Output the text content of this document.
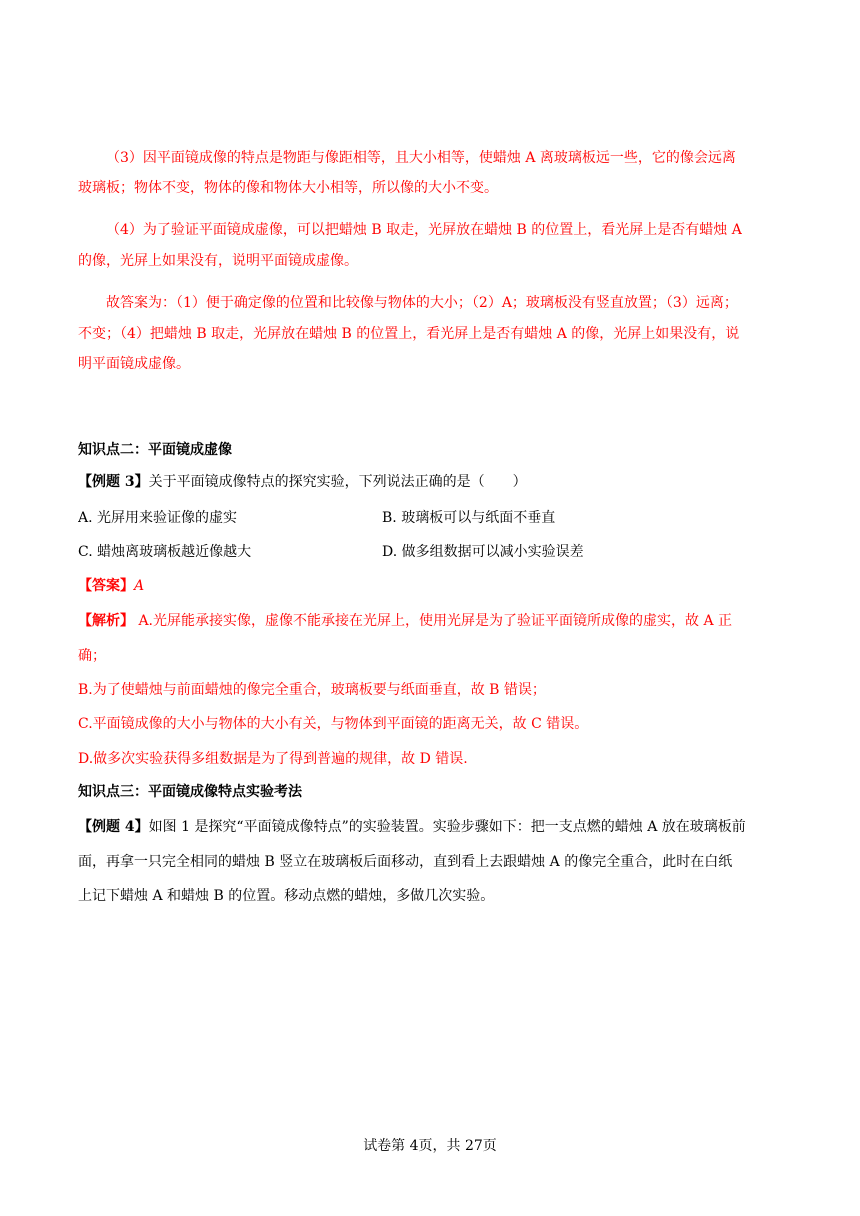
（3）因平面镜成像的特点是物距与像距相等，且大小相等，使蜡烛 A 离玻璃板远一些，它的像会远离
玻璃板；物体不变，物体的像和物体大小相等，所以像的大小不变。
（4）为了验证平面镜成虚像，可以把蜡烛 B 取走，光屏放在蜡烛 B 的位置上，看光屏上是否有蜡烛 A
的像，光屏上如果没有，说明平面镜成虚像。
故答案为：（1）便于确定像的位置和比较像与物体的大小；（2）A；玻璃板没有竖直放置；（3）远离；
不变；（4）把蜡烛 B 取走，光屏放在蜡烛 B 的位置上，看光屏上是否有蜡烛 A 的像，光屏上如果没有，说
明平面镜成虚像。
知识点二：平面镜成虚像
【例题 3】关于平面镜成像特点的探究实验，下列说法正确的是（　　）
A. 光屏用来验证像的虚实	B. 玻璃板可以与纸面不垂直
C. 蜡烛离玻璃板越近像越大	D. 做多组数据可以减小实验误差
【答案】A
【解析】 A.光屏能承接实像，虚像不能承接在光屏上，使用光屏是为了验证平面镜所成像的虚实，故 A 正
确；
B.为了使蜡烛与前面蜡烛的像完全重合，玻璃板要与纸面垂直，故 B 错误；
C.平面镜成像的大小与物体的大小有关，与物体到平面镜的距离无关，故 C 错误。
D.做多次实验获得多组数据是为了得到普遍的规律，故 D 错误.
知识点三：平面镜成像特点实验考法
【例题 4】如图 1 是探究“平面镜成像特点”的实验装置。实验步骤如下：把一支点燃的蜡烛 A 放在玻璃板前
面，再拿一只完全相同的蜡烛 B 竖立在玻璃板后面移动，直到看上去跟蜡烛 A 的像完全重合，此时在白纸
上记下蜡烛 A 和蜡烛 B 的位置。移动点燃的蜡烛，多做几次实验。
试卷第 4页，共 27页
